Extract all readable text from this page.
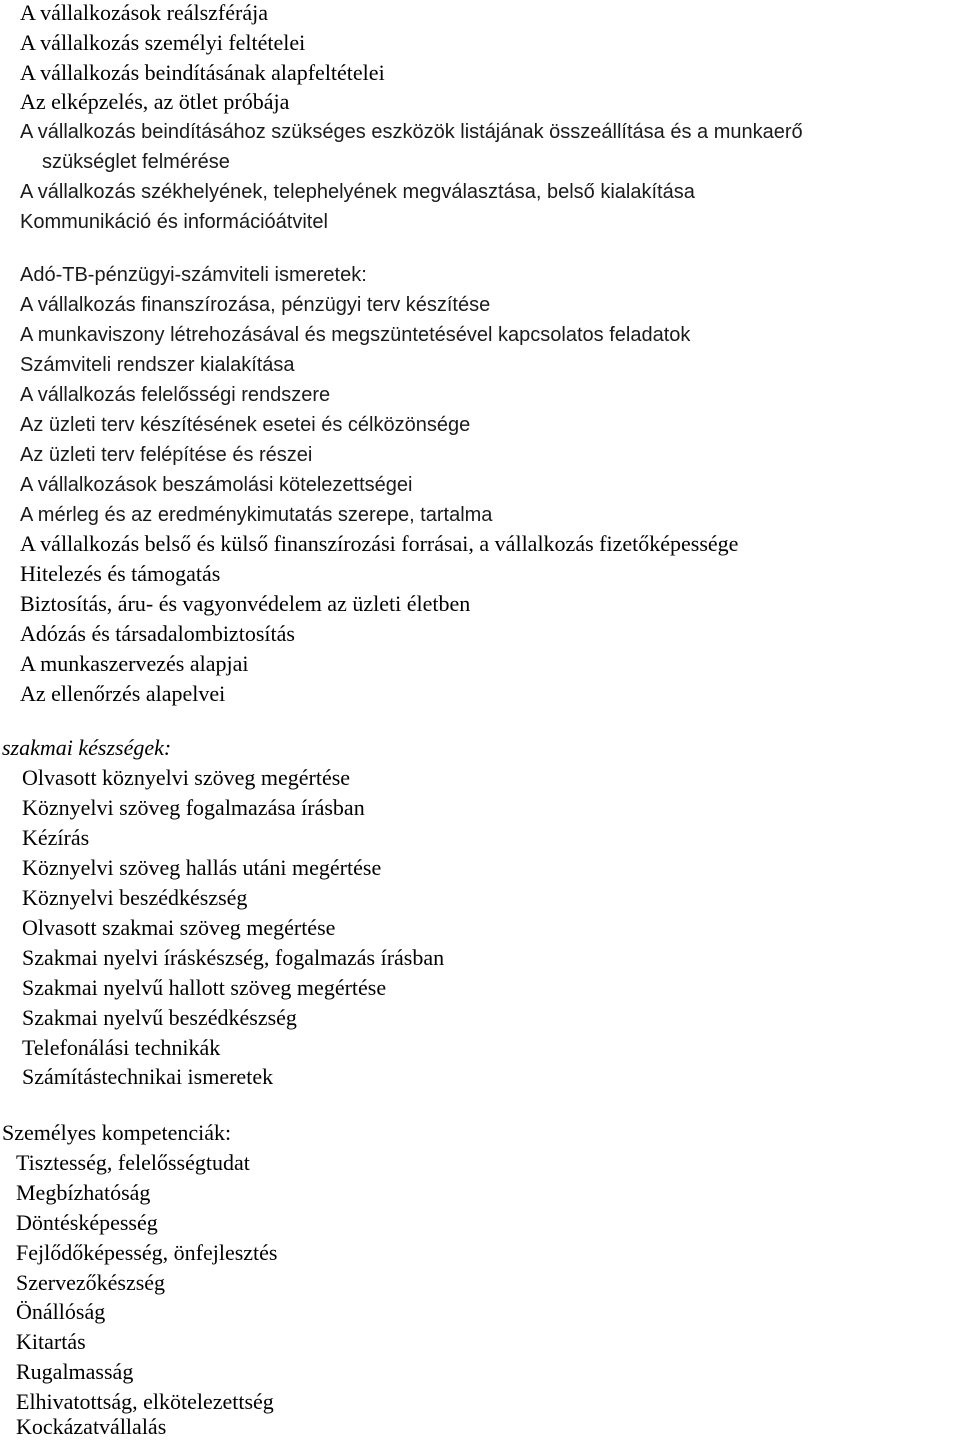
A vállalkozások reálszférája
A vállalkozás személyi feltételei
A vállalkozás beindításának alapfeltételei
Az elképzelés, az ötlet próbája
A vállalkozás beindításához szükséges eszközök listájának összeállítása és a munkaerő
szükséglet felmérése
A vállalkozás székhelyének, telephelyének megválasztása, belső kialakítása
Kommunikáció és információátvitel
Adó-TB-pénzügyi-számviteli ismeretek:
A vállalkozás finanszírozása, pénzügyi terv készítése
A munkaviszony létrehozásával és megszüntetésével kapcsolatos feladatok
Számviteli rendszer kialakítása
A vállalkozás felelősségi rendszere
Az üzleti terv készítésének esetei és célközönsége
Az üzleti terv felépítése és részei
A vállalkozások beszámolási kötelezettségei
A mérleg és az eredménykimutatás szerepe, tartalma
A vállalkozás belső és külső finanszírozási forrásai, a vállalkozás fizetőképessége
Hitelezés és támogatás
Biztosítás, áru- és vagyonvédelem az üzleti életben
Adózás és társadalombiztosítás
A munkaszervezés alapjai
Az ellenőrzés alapelvei
szakmai készségek:
Olvasott köznyelvi szöveg megértése
Köznyelvi szöveg fogalmazása írásban
Kézírás
Köznyelvi szöveg hallás utáni megértése
Köznyelvi beszédkészség
Olvasott szakmai szöveg megértése
Szakmai nyelvi íráskészség, fogalmazás írásban
Szakmai nyelvű hallott szöveg megértése
Szakmai nyelvű beszédkészség
Telefonálási technikák
Számítástechnikai ismeretek
Személyes kompetenciák:
Tisztesség, felelősségtudat
Megbízhatóság
Döntésképesség
Fejlődőképesség, önfejlesztés
Szervezőkészség
Önállóság
Kitartás
Rugalmasság
Elhivatottság, elkötelezettség
Kockázatvállalás
